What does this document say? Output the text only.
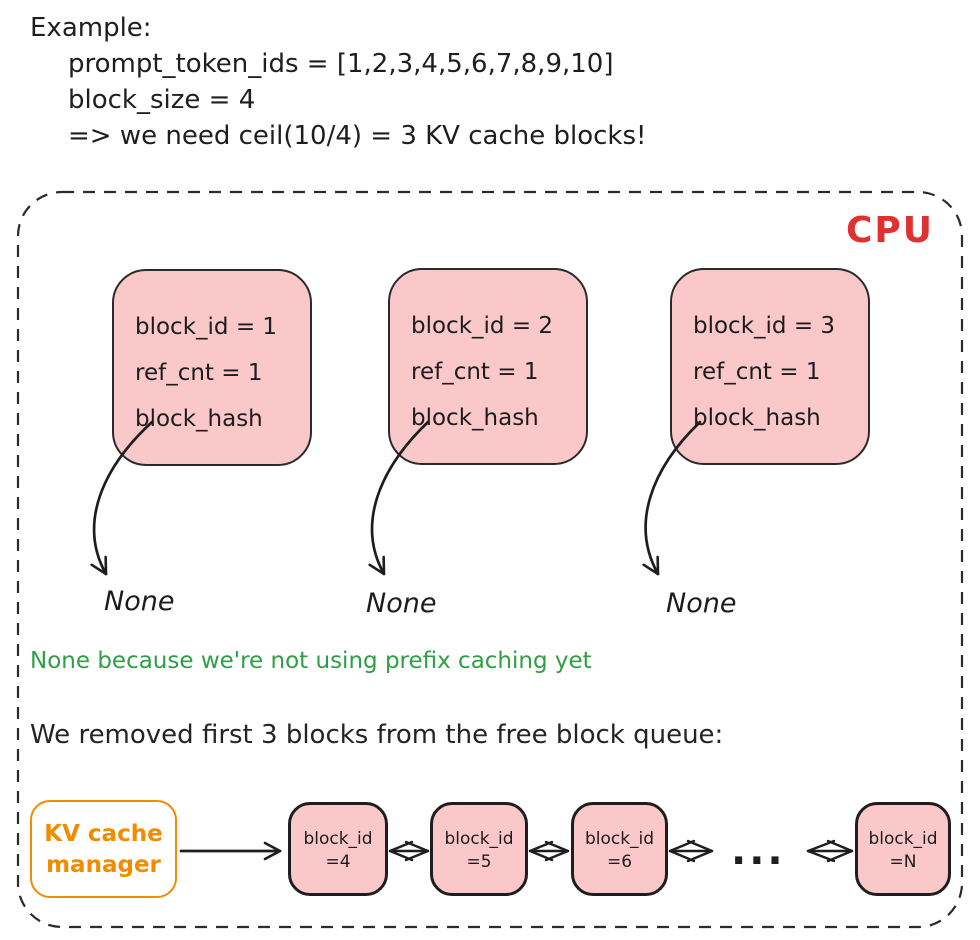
Example:
prompt_token_ids = [1,2,3,4,5,6,7,8,9,10]
block_size = 4
=> we need ceil(10/4) = 3 KV cache blocks!
CPU
block_id = 1
ref_cnt = 1
block_hash
block_id = 2
ref_cnt = 1
block_hash
block_id = 3
ref_cnt = 1
block_hash
None	None	None
None because we're not using prefix caching yet
We removed first 3 blocks from the free block queue:
KV cache
manager
block_id
=4
block_id
=5
block_id
=6	...	block_id
=N
